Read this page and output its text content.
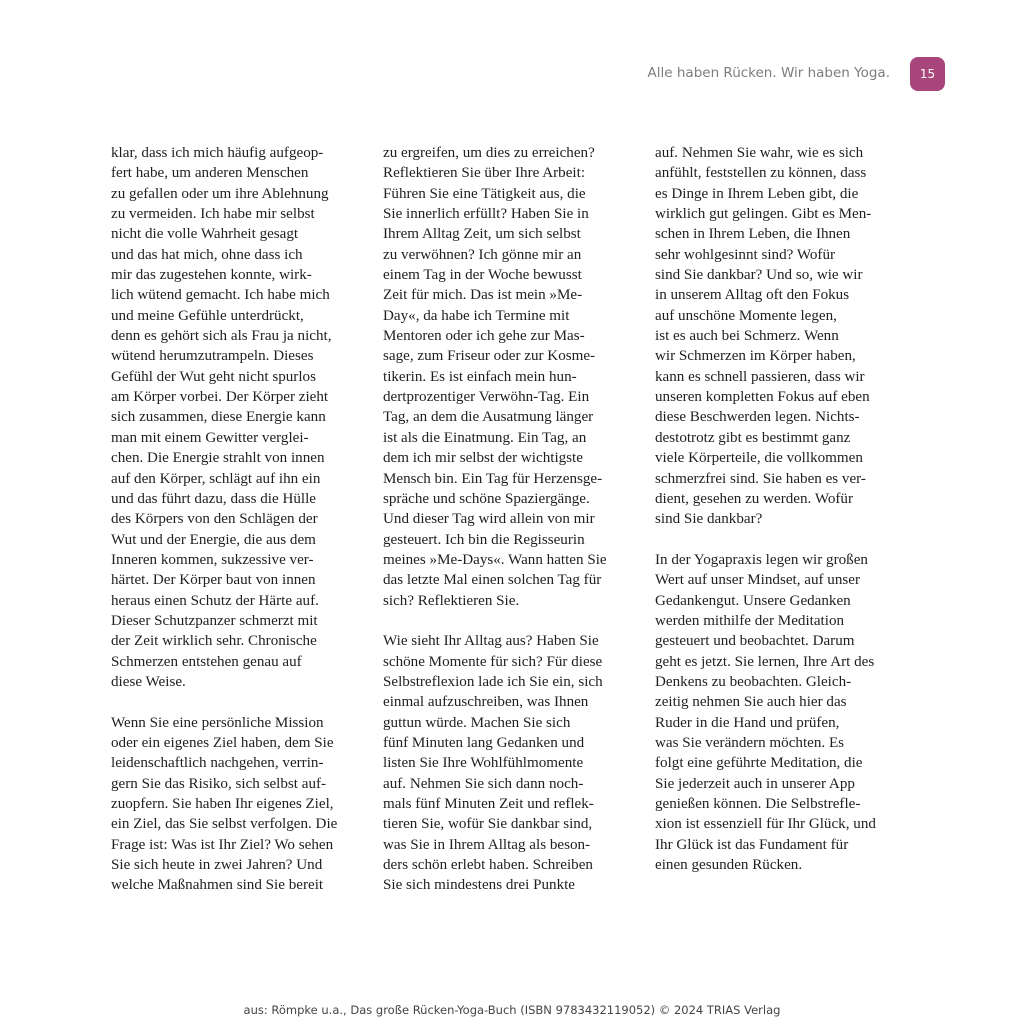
Alle haben Rücken. Wir haben Yoga.	15
klar, dass ich mich häufig aufgeop-
fert habe, um anderen Menschen
zu gefallen oder um ihre Ablehnung
zu vermeiden. Ich habe mir selbst
nicht die volle Wahrheit gesagt
und das hat mich, ohne dass ich
mir das zugestehen konnte, wirk-
lich wütend gemacht. Ich habe mich
und meine Gefühle unterdrückt,
denn es gehört sich als Frau ja nicht,
wütend herumzutrampeln. Dieses
Gefühl der Wut geht nicht spurlos
am Körper vorbei. Der Körper zieht
sich zusammen, diese Energie kann
man mit einem Gewitter verglei-
chen. Die Energie strahlt von innen
auf den Körper, schlägt auf ihn ein
und das führt dazu, dass die Hülle
des Körpers von den Schlägen der
Wut und der Energie, die aus dem
Inneren kommen, sukzessive ver-
härtet. Der Körper baut von innen
heraus einen Schutz der Härte auf.
Dieser Schutzpanzer schmerzt mit
der Zeit wirklich sehr. Chronische
Schmerzen entstehen genau auf
diese Weise.
Wenn Sie eine persönliche Mission
oder ein eigenes Ziel haben, dem Sie
leidenschaftlich nachgehen, verrin-
gern Sie das Risiko, sich selbst auf-
zuopfern. Sie haben Ihr eigenes Ziel,
ein Ziel, das Sie selbst verfolgen. Die
Frage ist: Was ist Ihr Ziel? Wo sehen
Sie sich heute in zwei Jahren? Und
welche Maßnahmen sind Sie bereit
zu ergreifen, um dies zu erreichen?
Reflektieren Sie über Ihre Arbeit:
Führen Sie eine Tätigkeit aus, die
Sie innerlich erfüllt? Haben Sie in
Ihrem Alltag Zeit, um sich selbst
zu verwöhnen? Ich gönne mir an
einem Tag in der Woche bewusst
Zeit für mich. Das ist mein »Me-
Day«, da habe ich Termine mit
Mentoren oder ich gehe zur Mas-
sage, zum Friseur oder zur Kosme-
tikerin. Es ist einfach mein hun-
dertprozentiger Verwöhn-Tag. Ein
Tag, an dem die Ausatmung länger
ist als die Einatmung. Ein Tag, an
dem ich mir selbst der wichtigste
Mensch bin. Ein Tag für Herzensge-
spräche und schöne Spaziergänge.
Und dieser Tag wird allein von mir
gesteuert. Ich bin die Regisseurin
meines »Me-Days«. Wann hatten Sie
das letzte Mal einen solchen Tag für
sich? Reflektieren Sie.
Wie sieht Ihr Alltag aus? Haben Sie
schöne Momente für sich? Für diese
Selbstreflexion lade ich Sie ein, sich
einmal aufzuschreiben, was Ihnen
guttun würde. Machen Sie sich
fünf Minuten lang Gedanken und
listen Sie Ihre Wohlfühlmomente
auf. Nehmen Sie sich dann noch-
mals fünf Minuten Zeit und reflek-
tieren Sie, wofür Sie dankbar sind,
was Sie in Ihrem Alltag als beson-
ders schön erlebt haben. Schreiben
Sie sich mindestens drei Punkte
auf. Nehmen Sie wahr, wie es sich
anfühlt, feststellen zu können, dass
es Dinge in Ihrem Leben gibt, die
wirklich gut gelingen. Gibt es Men-
schen in Ihrem Leben, die Ihnen
sehr wohlgesinnt sind? Wofür
sind Sie dankbar? Und so, wie wir
in unserem Alltag oft den Fokus
auf unschöne Momente legen,
ist es auch bei Schmerz. Wenn
wir Schmerzen im Körper haben,
kann es schnell passieren, dass wir
unseren kompletten Fokus auf eben
diese Beschwerden legen. Nichts-
destotrotz gibt es bestimmt ganz
viele Körperteile, die vollkommen
schmerzfrei sind. Sie haben es ver-
dient, gesehen zu werden. Wofür
sind Sie dankbar?
In der Yogapraxis legen wir großen
Wert auf unser Mindset, auf unser
Gedankengut. Unsere Gedanken
werden mithilfe der Meditation
gesteuert und beobachtet. Darum
geht es jetzt. Sie lernen, Ihre Art des
Denkens zu beobachten. Gleich-
zeitig nehmen Sie auch hier das
Ruder in die Hand und prüfen,
was Sie verändern möchten. Es
folgt eine geführte Meditation, die
Sie jederzeit auch in unserer App
genießen können. Die Selbstrefle-
xion ist essenziell für Ihr Glück, und
Ihr Glück ist das Fundament für
einen gesunden Rücken.
aus: Römpke u.a., Das große Rücken-Yoga-Buch (ISBN 9783432119052) © 2024 TRIAS Verlag
